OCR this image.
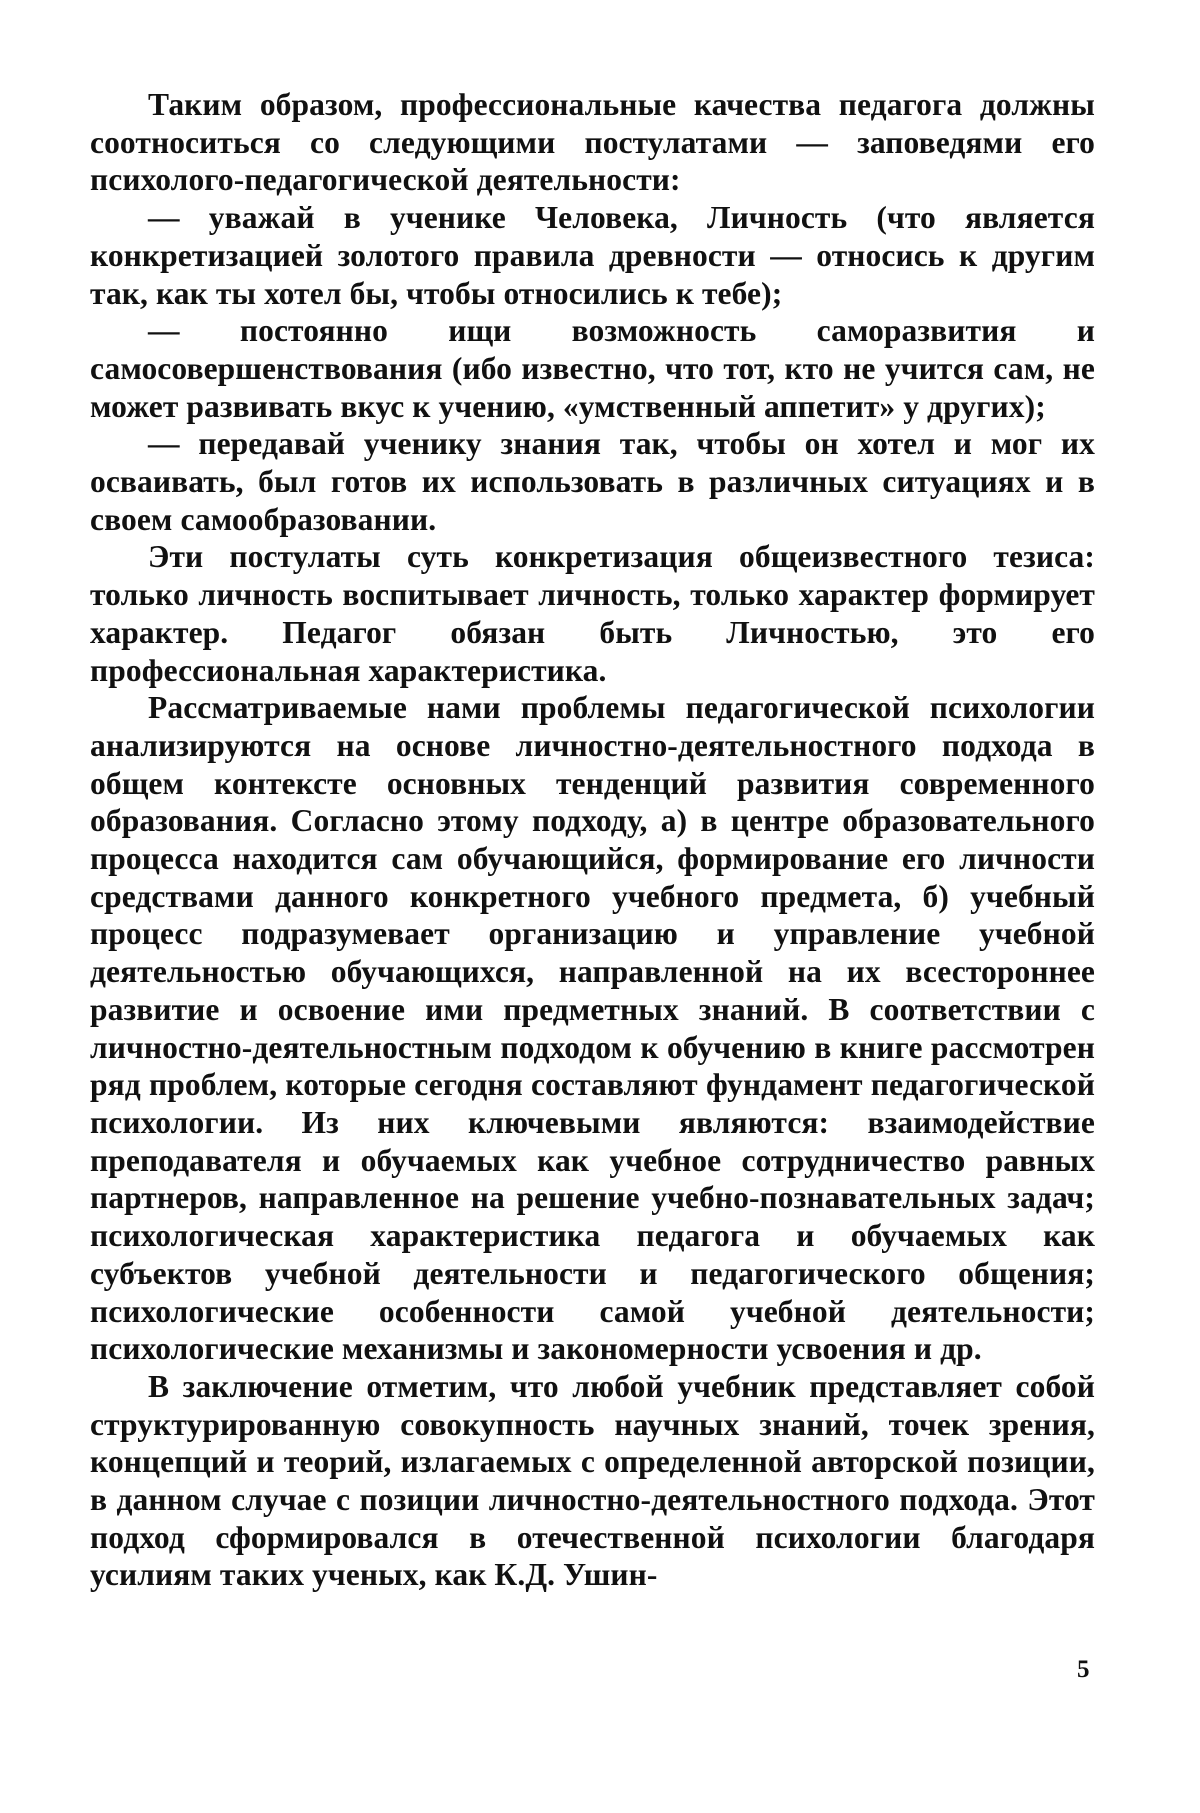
Таким образом, профессиональные качества педагога должны соотноситься со следующими постулатами — заповедями его психолого-педагогической деятельности:

— уважай в ученике Человека, Личность (что является конкретизацией золотого правила древности — относись к другим так, как ты хотел бы, чтобы относились к тебе);

— постоянно ищи возможность саморазвития и самосовершенствования (ибо известно, что тот, кто не учится сам, не может развивать вкус к учению, «умственный аппетит» у других);

— передавай ученику знания так, чтобы он хотел и мог их осваивать, был готов их использовать в различных ситуациях и в своем самообразовании.

Эти постулаты суть конкретизация общеизвестного тезиса: только личность воспитывает личность, только характер формирует характер. Педагог обязан быть Личностью, это его профессиональная характеристика.

Рассматриваемые нами проблемы педагогической психологии анализируются на основе личностно-деятельностного подхода в общем контексте основных тенденций развития современного образования. Согласно этому подходу, а) в центре образовательного процесса находится сам обучающийся, формирование его личности средствами данного конкретного учебного предмета, б) учебный процесс подразумевает организацию и управление учебной деятельностью обучающихся, направленной на их всестороннее развитие и освоение ими предметных знаний. В соответствии с личностно-деятельностным подходом к обучению в книге рассмотрен ряд проблем, которые сегодня составляют фундамент педагогической психологии. Из них ключевыми являются: взаимодействие преподавателя и обучаемых как учебное сотрудничество равных партнеров, направленное на решение учебно-познавательных задач; психологическая характеристика педагога и обучаемых как субъектов учебной деятельности и педагогического общения; психологические особенности самой учебной деятельности; психологические механизмы и закономерности усвоения и др.

В заключение отметим, что любой учебник представляет собой структурированную совокупность научных знаний, точек зрения, концепций и теорий, излагаемых с определенной авторской позиции, в данном случае с позиции личностно-деятельностного подхода. Этот подход сформировался в отечественной психологии благодаря усилиям таких ученых, как К.Д. Ушин-

5
